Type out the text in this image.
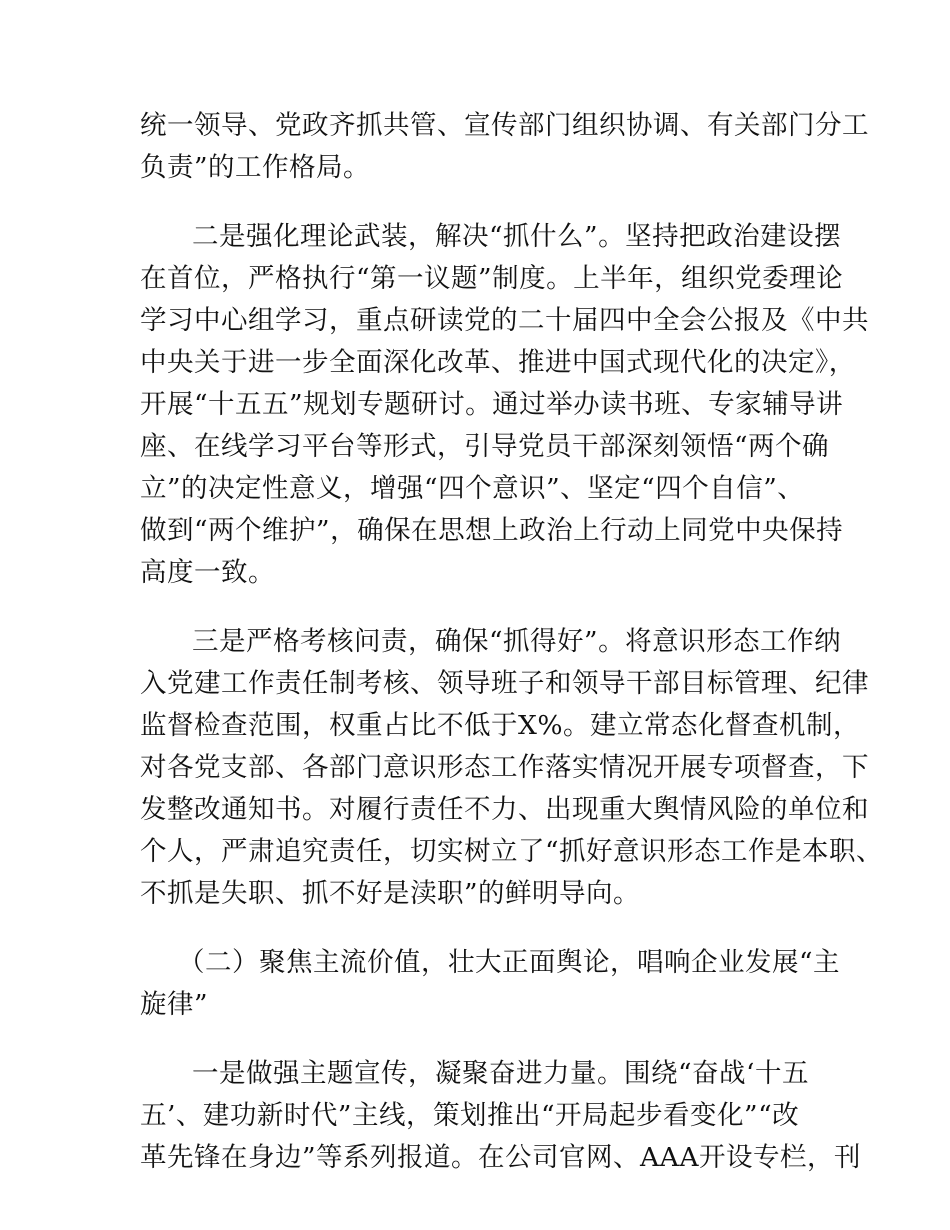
统一领导、党政齐抓共管、宣传部门组织协调、有关部门分工
负责”的工作格局。
二是强化理论武装，解决“抓什么”。坚持把政治建设摆
在首位，严格执行“第一议题”制度。上半年，组织党委理论
学习中心组学习，重点研读党的二十届四中全会公报及《中共
中央关于进一步全面深化改革、推进中国式现代化的决定》，
开展“十五五”规划专题研讨。通过举办读书班、专家辅导讲
座、在线学习平台等形式，引导党员干部深刻领悟“两个确
立”的决定性意义，增强“四个意识”、坚定“四个自信”、
做到“两个维护”，确保在思想上政治上行动上同党中央保持
高度一致。
三是严格考核问责，确保“抓得好”。将意识形态工作纳
入党建工作责任制考核、领导班子和领导干部目标管理、纪律
监督检查范围，权重占比不低于X%。建立常态化督查机制，
对各党支部、各部门意识形态工作落实情况开展专项督查，下
发整改通知书。对履行责任不力、出现重大舆情风险的单位和
个人，严肃追究责任，切实树立了“抓好意识形态工作是本职、
不抓是失职、抓不好是渎职”的鲜明导向。
（二）聚焦主流价值，壮大正面舆论，唱响企业发展“主
旋律”
一是做强主题宣传，凝聚奋进力量。围绕“奋战‘十五
五’、建功新时代”主线，策划推出“开局起步看变化”“改
革先锋在身边”等系列报道。在公司官网、AAA开设专栏，刊
